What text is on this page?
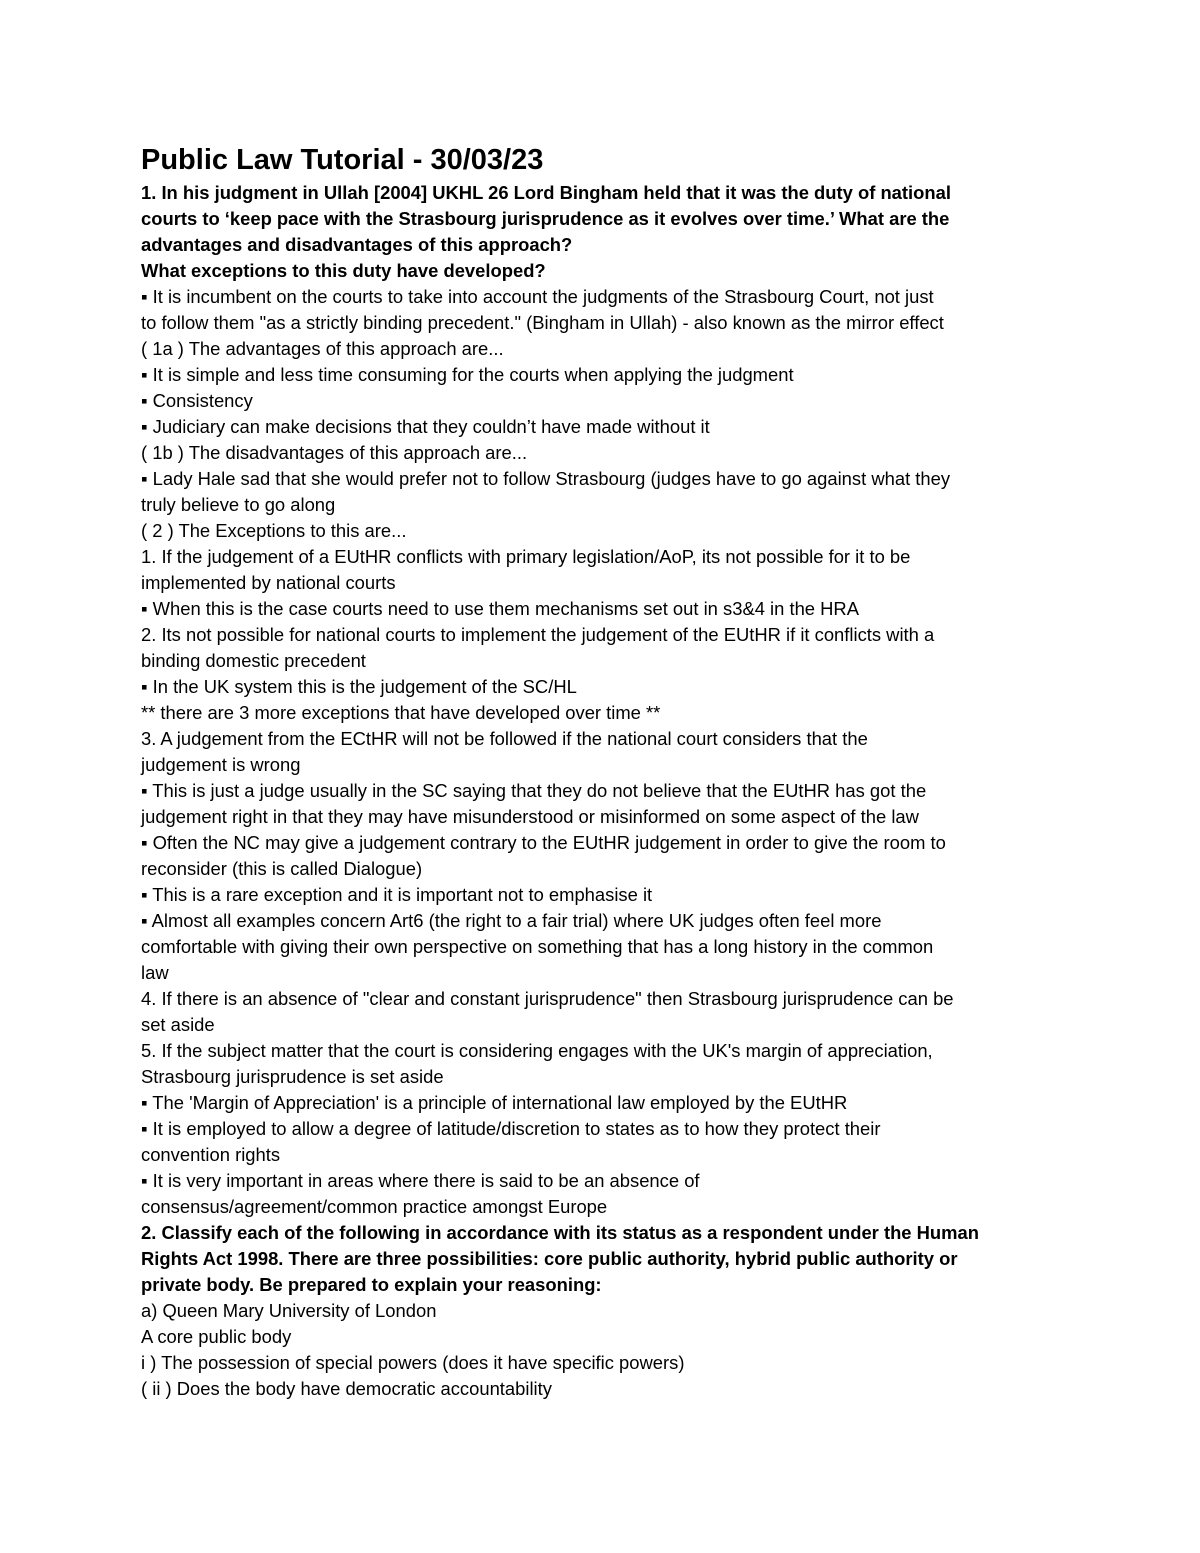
Public Law Tutorial - 30/03/23

1. In his judgment in Ullah [2004] UKHL 26 Lord Bingham held that it was the duty of national

courts to ‘keep pace with the Strasbourg jurisprudence as it evolves over time.’ What are the

advantages and disadvantages of this approach?

What exceptions to this duty have developed?

▪ It is incumbent on the courts to take into account the judgments of the Strasbourg Court, not just

to follow them "as a strictly binding precedent." (Bingham in Ullah) - also known as the mirror effect

( 1a ) The advantages of this approach are...

▪ It is simple and less time consuming for the courts when applying the judgment

▪ Consistency

▪ Judiciary can make decisions that they couldn’t have made without it

( 1b ) The disadvantages of this approach are...

▪ Lady Hale sad that she would prefer not to follow Strasbourg (judges have to go against what they

truly believe to go along

( 2 ) The Exceptions to this are...

1. If the judgement of a EUtHR conflicts with primary legislation/AoP, its not possible for it to be

implemented by national courts

▪ When this is the case courts need to use them mechanisms set out in s3&4 in the HRA

2. Its not possible for national courts to implement the judgement of the EUtHR if it conflicts with a

binding domestic precedent

▪ In the UK system this is the judgement of the SC/HL

** there are 3 more exceptions that have developed over time **

3. A judgement from the ECtHR will not be followed if the national court considers that the

judgement is wrong

▪ This is just a judge usually in the SC saying that they do not believe that the EUtHR has got the

judgement right in that they may have misunderstood or misinformed on some aspect of the law

▪ Often the NC may give a judgement contrary to the EUtHR judgement in order to give the room to

reconsider (this is called Dialogue)

▪ This is a rare exception and it is important not to emphasise it

▪ Almost all examples concern Art6 (the right to a fair trial) where UK judges often feel more

comfortable with giving their own perspective on something that has a long history in the common

law

4. If there is an absence of "clear and constant jurisprudence" then Strasbourg jurisprudence can be

set aside

5. If the subject matter that the court is considering engages with the UK's margin of appreciation,

Strasbourg jurisprudence is set aside

▪ The 'Margin of Appreciation' is a principle of international law employed by the EUtHR

▪ It is employed to allow a degree of latitude/discretion to states as to how they protect their

convention rights

▪ It is very important in areas where there is said to be an absence of

consensus/agreement/common practice amongst Europe

2. Classify each of the following in accordance with its status as a respondent under the Human

Rights Act 1998. There are three possibilities: core public authority, hybrid public authority or

private body. Be prepared to explain your reasoning:

a) Queen Mary University of London

A core public body

i ) The possession of special powers (does it have specific powers)

( ii ) Does the body have democratic accountability
